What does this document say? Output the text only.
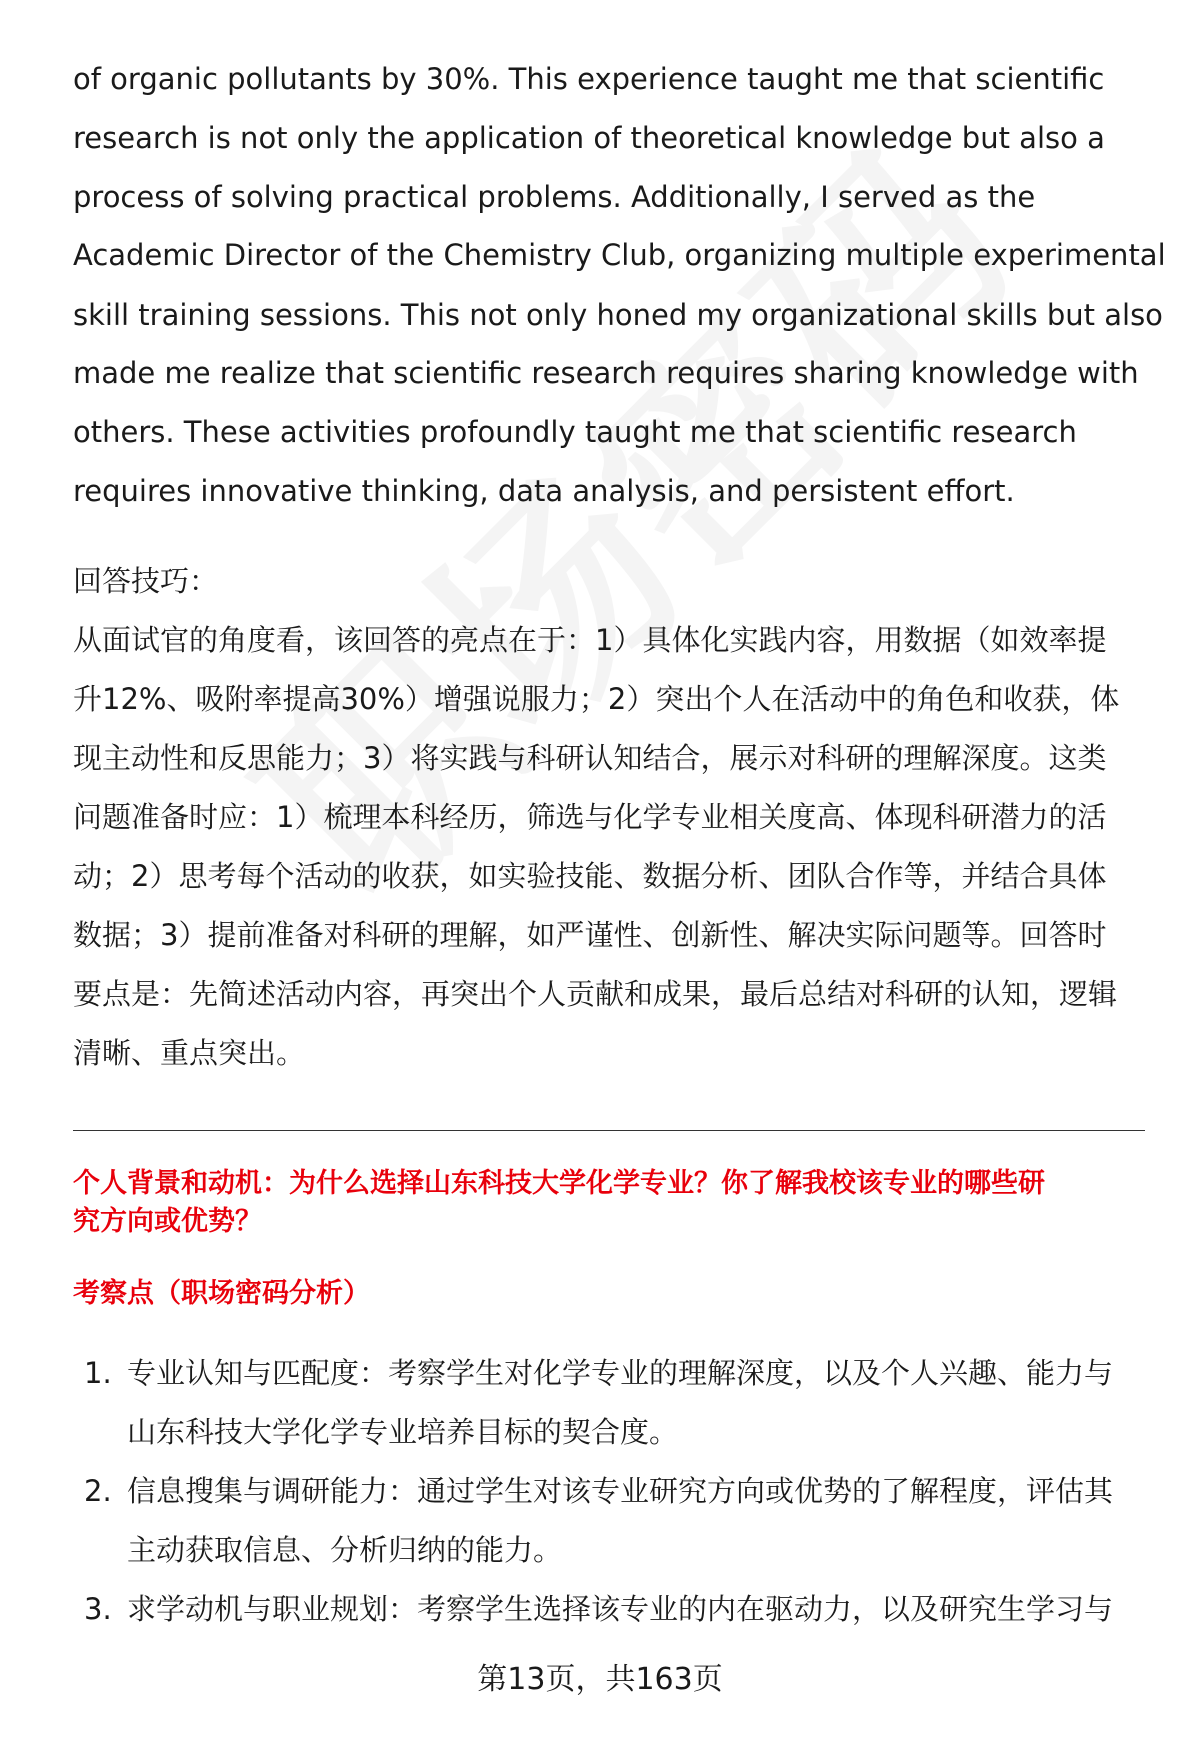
of organic pollutants by 30%. This experience taught me that scientific
research is not only the application of theoretical knowledge but also a
process of solving practical problems. Additionally, I served as the
Academic Director of the Chemistry Club, organizing multiple experimental
skill training sessions. This not only honed my organizational skills but also
made me realize that scientific research requires sharing knowledge with
others. These activities profoundly taught me that scientific research
requires innovative thinking, data analysis, and persistent effort.
回答技巧：
从面试官的角度看，该回答的亮点在于：1）具体化实践内容，用数据（如效率提
升12%、吸附率提高30%）增强说服力；2）突出个人在活动中的角色和收获，体
现主动性和反思能力；3）将实践与科研认知结合，展示对科研的理解深度。这类
问题准备时应：1）梳理本科经历，筛选与化学专业相关度高、体现科研潜力的活
动；2）思考每个活动的收获，如实验技能、数据分析、团队合作等，并结合具体
数据；3）提前准备对科研的理解，如严谨性、创新性、解决实际问题等。回答时
要点是：先简述活动内容，再突出个人贡献和成果，最后总结对科研的认知，逻辑
清晰、重点突出。
个人背景和动机：为什么选择山东科技大学化学专业？你了解我校该专业的哪些研
究方向或优势？
考察点（职场密码分析）
1. 专业认知与匹配度：考察学生对化学专业的理解深度，以及个人兴趣、能力与
山东科技大学化学专业培养目标的契合度。
2. 信息搜集与调研能力：通过学生对该专业研究方向或优势的了解程度，评估其
主动获取信息、分析归纳的能力。
3. 求学动机与职业规划：考察学生选择该专业的内在驱动力，以及研究生学习与
第13页，共163页
